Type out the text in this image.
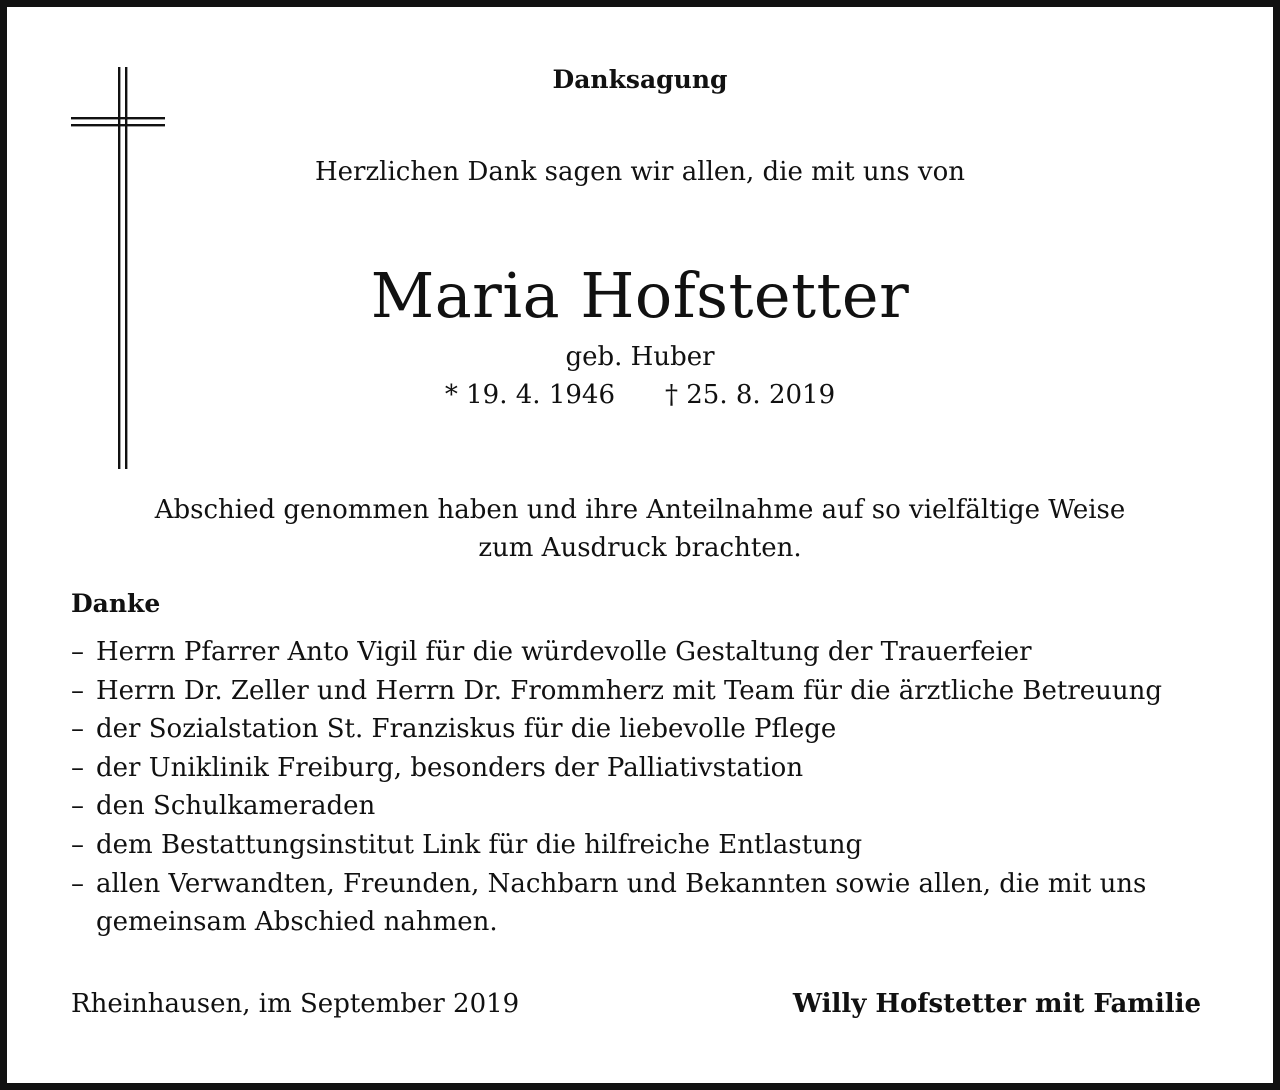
Danksagung
Herzlichen Dank sagen wir allen, die mit uns von
Maria Hofstetter
geb. Huber
* 19. 4. 1946 † 25. 8. 2019
Abschied genommen haben und ihre Anteilnahme auf so vielfältige Weise
zum Ausdruck brachten.
Danke
– Herrn Pfarrer Anto Vigil für die würdevolle Gestaltung der Trauerfeier
– Herrn Dr. Zeller und Herrn Dr. Frommherz mit Team für die ärztliche Betreuung
– der Sozialstation St. Franziskus für die liebevolle Pflege
– der Uniklinik Freiburg, besonders der Palliativstation
– den Schulkameraden
– dem Bestattungsinstitut Link für die hilfreiche Entlastung
– allen Verwandten, Freunden, Nachbarn und Bekannten sowie allen, die mit uns gemeinsam Abschied nahmen.
Rheinhausen, im September 2019	Willy Hofstetter mit Familie
